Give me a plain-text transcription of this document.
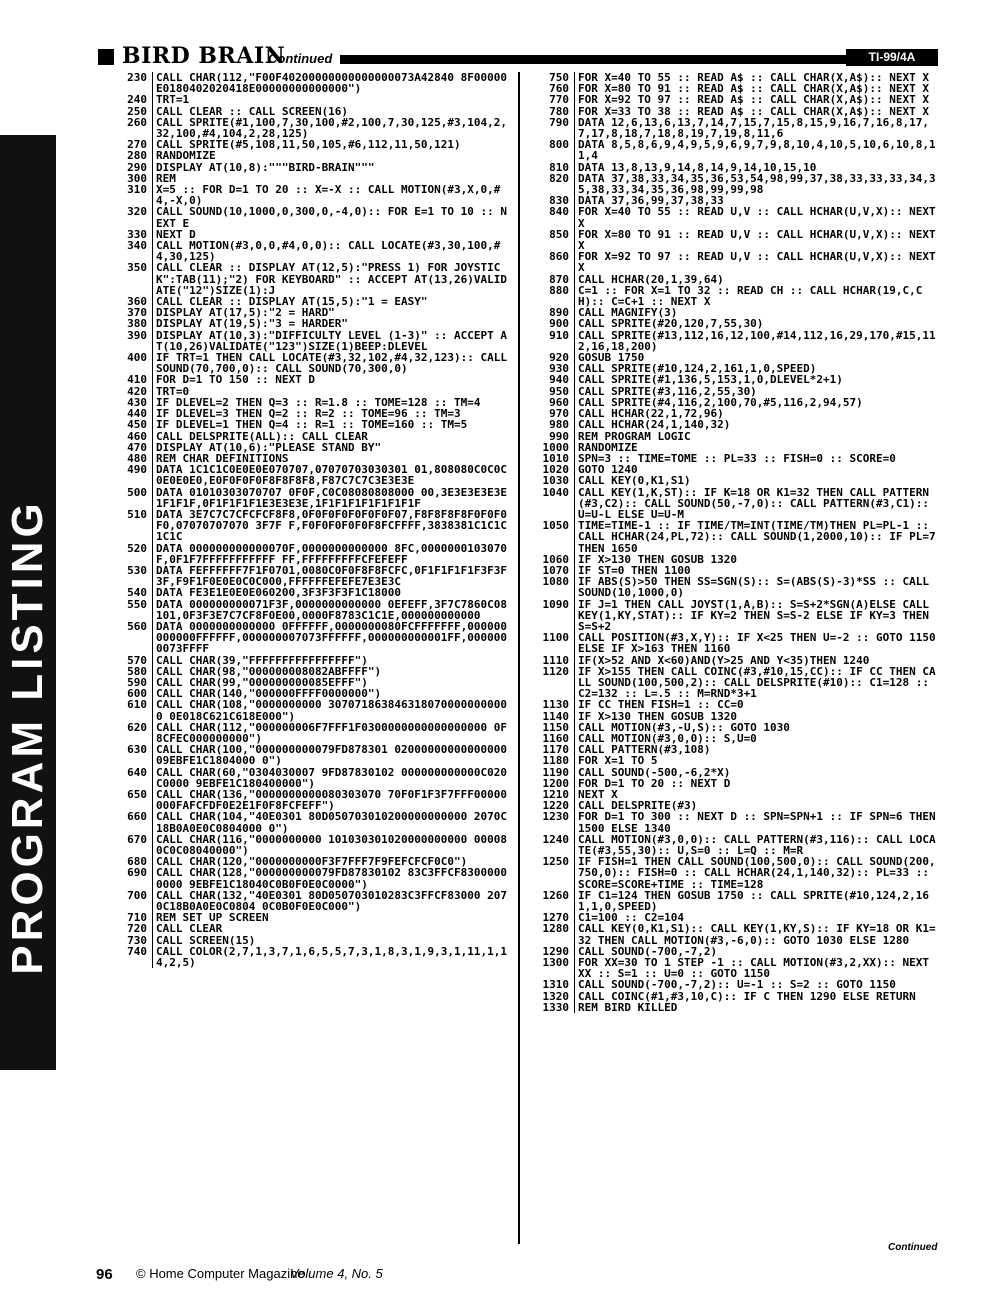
BIRD BRAIN
Continued	TI-99/4A
PROGRAM LISTING
230 CALL CHAR(112,"F00F40200000000000000073A42840 8F00000E0180402020418E00000000000000")
240 TRT=1
250 CALL CLEAR :: CALL SCREEN(16)
260 CALL SPRITE(#1,100,7,30,100,#2,100,7,30,125,#3,104,2,32,100,#4,104,2,28,125)
270 CALL SPRITE(#5,108,11,50,105,#6,112,11,50,121)
280 RANDOMIZE
290 DISPLAY AT(10,8):"""BIRD-BRAIN"""
300 REM
310 X=5 :: FOR D=1 TO 20 :: X=-X :: CALL MOTION(#3,X,0,#4,-X,0)
320 CALL SOUND(10,1000,0,300,0,-4,0):: FOR E=1 TO 10 :: NEXT E
330 NEXT D
340 CALL MOTION(#3,0,0,#4,0,0):: CALL LOCATE(#3,30,100,#4,30,125)
350 CALL CLEAR :: DISPLAY AT(12,5):"PRESS 1) FOR JOYSTICK":TAB(11);"2) FOR KEYBOARD" :: ACCEPT AT(13,26)VALIDATE("12")SIZE(1):J
360 CALL CLEAR :: DISPLAY AT(15,5):"1 = EASY"
370 DISPLAY AT(17,5):"2 = HARD"
380 DISPLAY AT(19,5):"3 = HARDER"
390 DISPLAY AT(10,3):"DIFFICULTY LEVEL (1-3)" :: ACCEPT AT(10,26)VALIDATE("123")SIZE(1)BEEP:DLEVEL
400 IF TRT=1 THEN CALL LOCATE(#3,32,102,#4,32,123):: CALL SOUND(70,700,0):: CALL SOUND(70,300,0)
410 FOR D=1 TO 150 :: NEXT D
420 TRT=0
430 IF DLEVEL=2 THEN Q=3 :: R=1.8 :: TOME=128 :: TM=4
440 IF DLEVEL=3 THEN Q=2 :: R=2 :: TOME=96 :: TM=3
450 IF DLEVEL=1 THEN Q=4 :: R=1 :: TOME=160 :: TM=5
460 CALL DELSPRITE(ALL):: CALL CLEAR
470 DISPLAY AT(10,6):"PLEASE STAND BY"
480 REM CHAR DEFINITIONS
490 DATA 1C1C1C0E0E0E070707,07070703030301 01,808080C0C0C0E0E0E0,E0F0F0F0F8F8F8F8,F87C7C7C3E3E3E
500 DATA 01010303070707 0F0F,C0C08080808000 00,3E3E3E3E3E1F1F1F,0F1F1F1F1E3E3E3E,1F1F1F1F1F1F1F1F
510 DATA 3E7C7C7CFCFCF8F8,0F0F0F0F0F0F0F07,F8F8F8F8F0F0F0F0,07070707070 3F7F F,F0F0F0F0F0F8FCFFFF,3838381C1C1C1C1C
520 DATA 000000000000070F,0000000000000 8FC,0000000103070F,0F1F7FFFFFFFFFFF FF,FFFFFFFFFCFEFEFF
530 DATA FEFFFFFF7F1F0701,0080C0F0F8F8FCFC,0F1F1F1F1F3F3F3F,F9F1F0E0E0C0C000,FFFFFFEFEFE7E3E3C
540 DATA FE3E1E0E0E060200,3F3F3F3F1C18000
550 DATA 000000000071F3F,0000000000000 0EFEFF,3F7C7860C08101,0F3F3E7C7CF8F0E00,0000F8783C1C1E,000000000000
560 DATA 0000000000000 0FFFFFF,0000000080FCFFFFFFF,000000000000FFFFFF,000000007073FFFFFF,000000000001FF,0000000073FFFF
570 CALL CHAR(39,"FFFFFFFFFFFFFFFF")
580 CALL CHAR(98,"000000008082ABFFFF")
590 CALL CHAR(99,"000000000085EFFF")
600 CALL CHAR(140,"000000FFFF0000000")
610 CALL CHAR(108,"0000000000 3070718638463180700000000000 0E018C621C618E000")
620 CALL CHAR(112,"000000006F7FFF1F0300000000000000000 0F8CFEC000000000")
630 CALL CHAR(100,"000000000079FD878301 0200000000000000009EBFE1C1804000 0")
640 CALL CHAR(60,"0304030007 9FD87830102 000000000000C020C0000 9EBFE1C180400000")
650 CALL CHAR(136,"0000000000080303070 70F0F1F3F7FFF00000000FAFCFDF0E2E1F0F8FCFEFF")
660 CALL CHAR(104,"40E0301 80D050703010200000000000 2070C18B0A0E0C0804000 0")
670 CALL CHAR(116,"0000000000 101030301020000000000 000080C0C08040000")
680 CALL CHAR(120,"0000000000F3F7FFF7F9FEFCFCF0C0")
690 CALL CHAR(128,"000000000079FD87830102 83C3FFCF83000000000 9EBFE1C18040C0B0F0E0C0000")
700 CALL CHAR(132,"40E0301 80D050703010283C3FFCF83000 2070C18B0A0E0C0804 0C0B0F0E0C000")
710 REM SET UP SCREEN
720 CALL CLEAR
730 CALL SCREEN(15)
740 CALL COLOR(2,7,1,3,7,1,6,5,5,7,3,1,8,3,1,9,3,1,11,1,14,2,5)
750 FOR X=40 TO 55 :: READ A$ :: CALL CHAR(X,A$):: NEXT X
760 FOR X=80 TO 91 :: READ A$ :: CALL CHAR(X,A$):: NEXT X
770 FOR X=92 TO 97 :: READ A$ :: CALL CHAR(X,A$):: NEXT X
780 FOR X=33 TO 38 :: READ A$ :: CALL CHAR(X,A$):: NEXT X
790 DATA 12,6,13,6,13,7,14,7,15,7,15,8,15,9,16,7,16,8,17,7,17,8,18,7,18,8,19,7,19,8,11,6
800 DATA 8,5,8,6,9,4,9,5,9,6,9,7,9,8,10,4,10,5,10,6,10,8,11,4
810 DATA 13,8,13,9,14,8,14,9,14,10,15,10
820 DATA 37,38,33,34,35,36,53,54,98,99,37,38,33,33,33,34,35,38,33,34,35,36,98,99,99,98
830 DATA 37,36,99,37,38,33
840 FOR X=40 TO 55 :: READ U,V :: CALL HCHAR(U,V,X):: NEXT X
850 FOR X=80 TO 91 :: READ U,V :: CALL HCHAR(U,V,X):: NEXT X
860 FOR X=92 TO 97 :: READ U,V :: CALL HCHAR(U,V,X):: NEXT X
870 CALL HCHAR(20,1,39,64)
880 C=1 :: FOR X=1 TO 32 :: READ CH :: CALL HCHAR(19,C,CH):: C=C+1 :: NEXT X
890 CALL MAGNIFY(3)
900 CALL SPRITE(#20,120,7,55,30)
910 CALL SPRITE(#13,112,16,12,100,#14,112,16,29,170,#15,112,16,18,200)
920 GOSUB 1750
930 CALL SPRITE(#10,124,2,161,1,0,SPEED)
940 CALL SPRITE(#1,136,5,153,1,0,DLEVEL*2+1)
950 CALL SPRITE(#3,116,2,55,30)
960 CALL SPRITE(#4,116,2,100,70,#5,116,2,94,57)
970 CALL HCHAR(22,1,72,96)
980 CALL HCHAR(24,1,140,32)
990 REM PROGRAM LOGIC
1000 RANDOMIZE
1010 SPN=3 :: TIME=TOME :: PL=33 :: FISH=0 :: SCORE=0
1020 GOTO 1240
1030 CALL KEY(0,K1,S1)
1040 CALL KEY(1,K,ST):: IF K=18 OR K1=32 THEN CALL PATTERN(#3,C2):: CALL SOUND(50,-7,0):: CALL PATTERN(#3,C1):: U=U-L ELSE U=U-M
1050 TIME=TIME-1 :: IF TIME/TM=INT(TIME/TM)THEN PL=PL-1 :: CALL HCHAR(24,PL,72):: CALL SOUND(1,2000,10):: IF PL=7 THEN 1650
1060 IF X>130 THEN GOSUB 1320
1070 IF ST=0 THEN 1100
1080 IF ABS(S)>50 THEN SS=SGN(S):: S=(ABS(S)-3)*SS :: CALL SOUND(10,1000,0)
1090 IF J=1 THEN CALL JOYST(1,A,B):: S=S+2*SGN(A)ELSE CALL KEY(1,KY,STAT):: IF KY=2 THEN S=S-2 ELSE IF KY=3 THEN S=S+2
1100 CALL POSITION(#3,X,Y):: IF X<25 THEN U=-2 :: GOTO 1150 ELSE IF X>163 THEN 1160
1110 IF(X>52 AND X<60)AND(Y>25 AND Y<35)THEN 1240
1120 IF X>155 THEN CALL COINC(#3,#10,15,CC):: IF CC THEN CALL SOUND(100,500,2):: CALL DELSPRITE(#10):: C1=128 :: C2=132 :: L=.5 :: M=RND*3+1
1130 IF CC THEN FISH=1 :: CC=0
1140 IF X>130 THEN GOSUB 1320
1150 CALL MOTION(#3,-U,S):: GOTO 1030
1160 CALL MOTION(#3,0,0):: S,U=0
1170 CALL PATTERN(#3,108)
1180 FOR X=1 TO 5
1190 CALL SOUND(-500,-6,2*X)
1200 FOR D=1 TO 20 :: NEXT D
1210 NEXT X
1220 CALL DELSPRITE(#3)
1230 FOR D=1 TO 300 :: NEXT D :: SPN=SPN+1 :: IF SPN=6 THEN 1500 ELSE 1340
1240 CALL MOTION(#3,0,0):: CALL PATTERN(#3,116):: CALL LOCATE(#3,55,30):: U,S=0 :: L=Q :: M=R
1250 IF FISH=1 THEN CALL SOUND(100,500,0):: CALL SOUND(200,750,0):: FISH=0 :: CALL HCHAR(24,1,140,32):: PL=33 :: SCORE=SCORE+TIME :: TIME=128
1260 IF C1=124 THEN GOSUB 1750 :: CALL SPRITE(#10,124,2,161,1,0,SPEED)
1270 C1=100 :: C2=104
1280 CALL KEY(0,K1,S1):: CALL KEY(1,KY,S):: IF KY=18 OR K1=32 THEN CALL MOTION(#3,-6,0):: GOTO 1030 ELSE 1280
1290 CALL SOUND(-700,-7,2)
1300 FOR XX=30 TO 1 STEP -1 :: CALL MOTION(#3,2,XX):: NEXT XX :: S=1 :: U=0 :: GOTO 1150
1310 CALL SOUND(-700,-7,2):: U=-1 :: S=2 :: GOTO 1150
1320 CALL COINC(#1,#3,10,C):: IF C THEN 1290 ELSE RETURN
1330 REM BIRD KILLED
Continued
96 © Home Computer Magazine
Volume 4, No. 5
